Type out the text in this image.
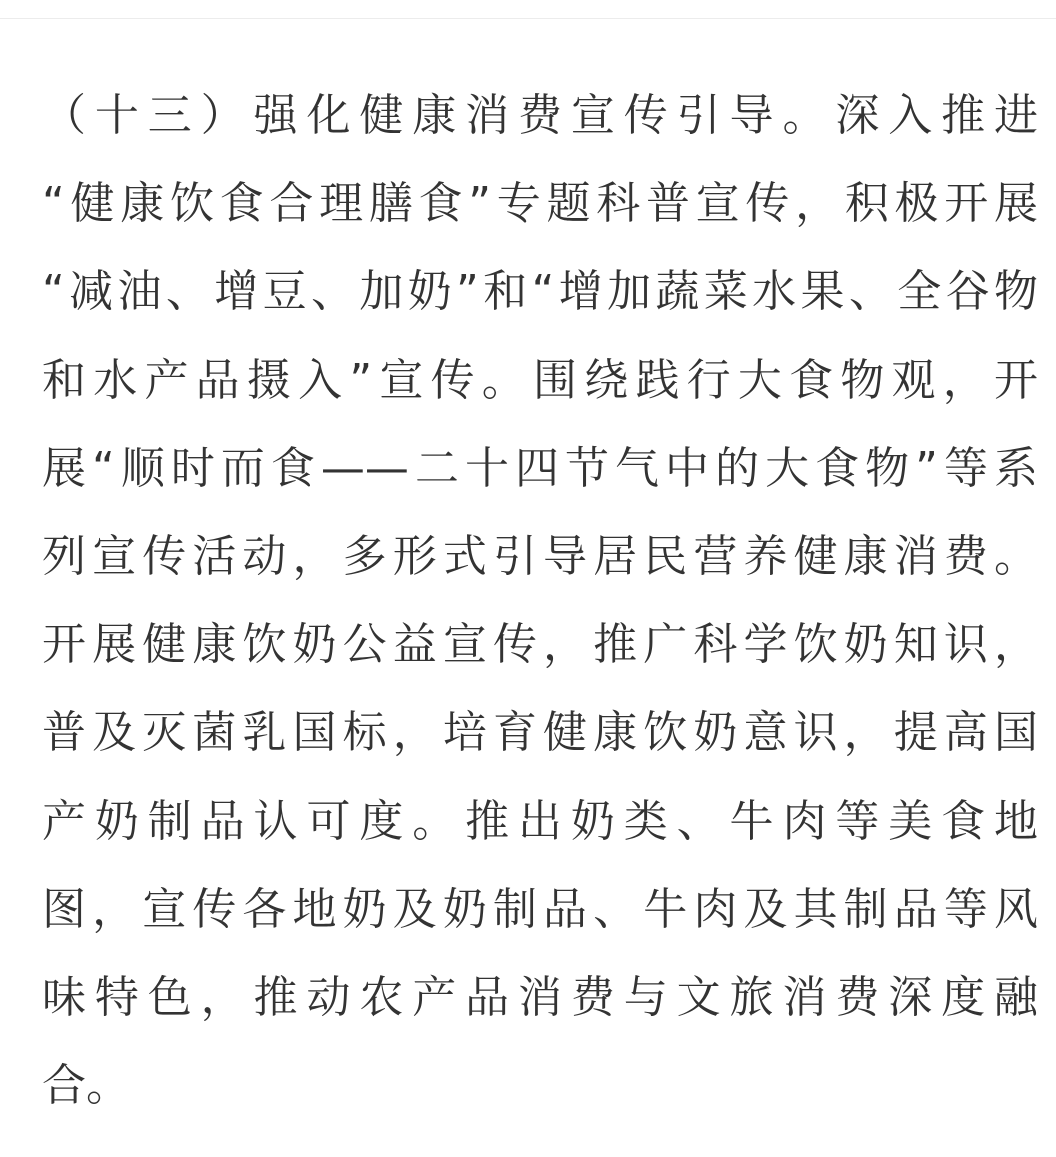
（十三）强化健康消费宣传引导。深入推进
“健康饮食合理膳食”专题科普宣传，积极开展
“减油、增豆、加奶”和“增加蔬菜水果、全谷物
和水产品摄入”宣传。围绕践行大食物观，开
展“顺时而食——二十四节气中的大食物”等系
列宣传活动，多形式引导居民营养健康消费。
开展健康饮奶公益宣传，推广科学饮奶知识，
普及灭菌乳国标，培育健康饮奶意识，提高国
产奶制品认可度。推出奶类、牛肉等美食地
图，宣传各地奶及奶制品、牛肉及其制品等风
味特色，推动农产品消费与文旅消费深度融
合。
